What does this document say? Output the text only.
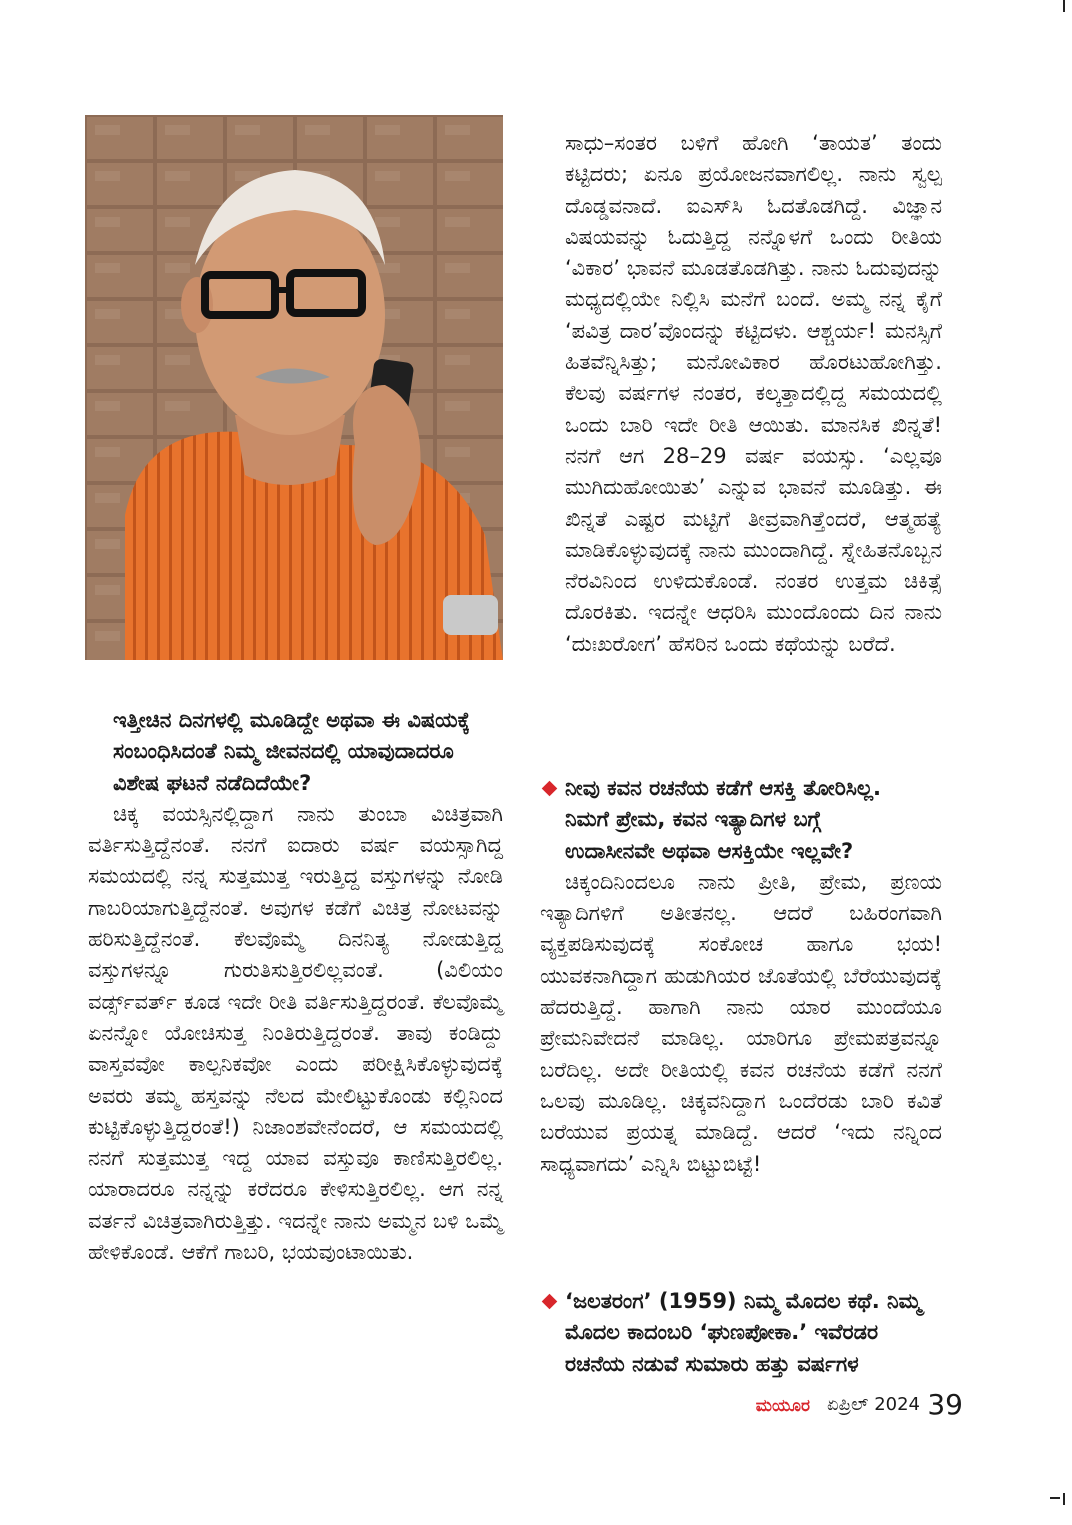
ಸಾಧು–ಸಂತರ ಬಳಿಗೆ ಹೋಗಿ ‘ತಾಯತ’ ತಂದು ಕಟ್ಟಿದರು; ಏನೂ ಪ್ರಯೋಜನವಾಗಲಿಲ್ಲ. ನಾನು ಸ್ವಲ್ಪ ದೊಡ್ಡವನಾದೆ. ಐಎಸ್‌ಸಿ ಓದತೊಡಗಿದ್ದೆ. ವಿಜ್ಞಾನ ವಿಷಯವನ್ನು ಓದುತ್ತಿದ್ದ ನನ್ನೊಳಗೆ ಒಂದು ರೀತಿಯ ‘ವಿಕಾರ’ ಭಾವನೆ ಮೂಡತೊಡಗಿತ್ತು. ನಾನು ಓದುವುದನ್ನು ಮಧ್ಯದಲ್ಲಿಯೇ ನಿಲ್ಲಿಸಿ ಮನೆಗೆ ಬಂದೆ. ಅಮ್ಮ ನನ್ನ ಕೈಗೆ ‘ಪವಿತ್ರ ದಾರ’ವೊಂದನ್ನು ಕಟ್ಟಿದಳು. ಆಶ್ಚರ್ಯ! ಮನಸ್ಸಿಗೆ ಹಿತವೆನ್ನಿಸಿತ್ತು; ಮನೋವಿಕಾರ ಹೊರಟುಹೋಗಿತ್ತು. ಕೆಲವು ವರ್ಷಗಳ ನಂತರ, ಕಲ್ಕತ್ತಾದಲ್ಲಿದ್ದ ಸಮಯದಲ್ಲಿ ಒಂದು ಬಾರಿ ಇದೇ ರೀತಿ ಆಯಿತು. ಮಾನಸಿಕ ಖಿನ್ನತೆ! ನನಗೆ ಆಗ 28–29 ವರ್ಷ ವಯಸ್ಸು. ‘ಎಲ್ಲವೂ ಮುಗಿದುಹೋಯಿತು’ ಎನ್ನುವ ಭಾವನೆ ಮೂಡಿತ್ತು. ಈ ಖಿನ್ನತೆ ಎಷ್ಟರ ಮಟ್ಟಿಗೆ ತೀವ್ರವಾಗಿತ್ತೆಂದರೆ, ಆತ್ಮಹತ್ಯೆ ಮಾಡಿಕೊಳ್ಳುವುದಕ್ಕೆ ನಾನು ಮುಂದಾಗಿದ್ದೆ. ಸ್ನೇಹಿತನೊಬ್ಬನ ನೆರವಿನಿಂದ ಉಳಿದುಕೊಂಡೆ. ನಂತರ ಉತ್ತಮ ಚಿಕಿತ್ಸೆ ದೊರಕಿತು. ಇದನ್ನೇ ಆಧರಿಸಿ ಮುಂದೊಂದು ದಿನ ನಾನು ‘ದುಃಖರೋಗ’ ಹೆಸರಿನ ಒಂದು ಕಥೆಯನ್ನು ಬರೆದೆ.

ಇತ್ತೀಚಿನ ದಿನಗಳಲ್ಲಿ ಮೂಡಿದ್ದೇ ಅಥವಾ ಈ ವಿಷಯಕ್ಕೆ ಸಂಬಂಧಿಸಿದಂತೆ ನಿಮ್ಮ ಜೀವನದಲ್ಲಿ ಯಾವುದಾದರೂ ವಿಶೇಷ ಘಟನೆ ನಡೆದಿದೆಯೇ?

ಚಿಕ್ಕ ವಯಸ್ಸಿನಲ್ಲಿದ್ದಾಗ ನಾನು ತುಂಬಾ ವಿಚಿತ್ರವಾಗಿ ವರ್ತಿಸುತ್ತಿದ್ದೆನಂತೆ. ನನಗೆ ಐದಾರು ವರ್ಷ ವಯಸ್ಸಾಗಿದ್ದ ಸಮಯದಲ್ಲಿ ನನ್ನ ಸುತ್ತಮುತ್ತ ಇರುತ್ತಿದ್ದ ವಸ್ತುಗಳನ್ನು ನೋಡಿ ಗಾಬರಿಯಾಗುತ್ತಿದ್ದೆನಂತೆ. ಅವುಗಳ ಕಡೆಗೆ ವಿಚಿತ್ರ ನೋಟವನ್ನು ಹರಿಸುತ್ತಿದ್ದೆನಂತೆ. ಕೆಲವೊಮ್ಮೆ ದಿನನಿತ್ಯ ನೋಡುತ್ತಿದ್ದ ವಸ್ತುಗಳನ್ನೂ ಗುರುತಿಸುತ್ತಿರಲಿಲ್ಲವಂತೆ. (ವಿಲಿಯಂ ವರ್ಡ್ಸ್‌ವರ್ತ್ ಕೂಡ ಇದೇ ರೀತಿ ವರ್ತಿಸುತ್ತಿದ್ದರಂತೆ. ಕೆಲವೊಮ್ಮೆ ಏನನ್ನೋ ಯೋಚಿಸುತ್ತ ನಿಂತಿರುತ್ತಿದ್ದರಂತೆ. ತಾವು ಕಂಡಿದ್ದು ವಾಸ್ತವವೋ ಕಾಲ್ಪನಿಕವೋ ಎಂದು ಪರೀಕ್ಷಿಸಿಕೊಳ್ಳುವುದಕ್ಕೆ ಅವರು ತಮ್ಮ ಹಸ್ತವನ್ನು ನೆಲದ ಮೇಲಿಟ್ಟುಕೊಂಡು ಕಲ್ಲಿನಿಂದ ಕುಟ್ಟಿಕೊಳ್ಳುತ್ತಿದ್ದರಂತೆ!) ನಿಜಾಂಶವೇನೆಂದರೆ, ಆ ಸಮಯದಲ್ಲಿ ನನಗೆ ಸುತ್ತಮುತ್ತ ಇದ್ದ ಯಾವ ವಸ್ತುವೂ ಕಾಣಿಸುತ್ತಿರಲಿಲ್ಲ. ಯಾರಾದರೂ ನನ್ನನ್ನು ಕರೆದರೂ ಕೇಳಿಸುತ್ತಿರಲಿಲ್ಲ. ಆಗ ನನ್ನ ವರ್ತನೆ ವಿಚಿತ್ರವಾಗಿರುತ್ತಿತ್ತು. ಇದನ್ನೇ ನಾನು ಅಮ್ಮನ ಬಳಿ ಒಮ್ಮೆ ಹೇಳಿಕೊಂಡೆ. ಆಕೆಗೆ ಗಾಬರಿ, ಭಯವುಂಟಾಯಿತು.

ನೀವು ಕವನ ರಚನೆಯ ಕಡೆಗೆ ಆಸಕ್ತಿ ತೋರಿಸಿಲ್ಲ.
ನಿಮಗೆ ಪ್ರೇಮ, ಕವನ ಇತ್ಯಾದಿಗಳ ಬಗ್ಗೆ
ಉದಾಸೀನವೇ ಅಥವಾ ಆಸಕ್ತಿಯೇ ಇಲ್ಲವೇ?

ಚಿಕ್ಕಂದಿನಿಂದಲೂ ನಾನು ಪ್ರೀತಿ, ಪ್ರೇಮ, ಪ್ರಣಯ ಇತ್ಯಾದಿಗಳಿಗೆ ಅತೀತನಲ್ಲ. ಆದರೆ ಬಹಿರಂಗವಾಗಿ ವ್ಯಕ್ತಪಡಿಸುವುದಕ್ಕೆ ಸಂಕೋಚ ಹಾಗೂ ಭಯ! ಯುವಕನಾಗಿದ್ದಾಗ ಹುಡುಗಿಯರ ಜೊತೆಯಲ್ಲಿ ಬೆರೆಯುವುದಕ್ಕೆ ಹೆದರುತ್ತಿದ್ದೆ. ಹಾಗಾಗಿ ನಾನು ಯಾರ ಮುಂದೆಯೂ ಪ್ರೇಮನಿವೇದನೆ ಮಾಡಿಲ್ಲ. ಯಾರಿಗೂ ಪ್ರೇಮಪತ್ರವನ್ನೂ ಬರೆದಿಲ್ಲ. ಅದೇ ರೀತಿಯಲ್ಲಿ ಕವನ ರಚನೆಯ ಕಡೆಗೆ ನನಗೆ ಒಲವು ಮೂಡಿಲ್ಲ. ಚಿಕ್ಕವನಿದ್ದಾಗ ಒಂದೆರಡು ಬಾರಿ ಕವಿತೆ ಬರೆಯುವ ಪ್ರಯತ್ನ ಮಾಡಿದ್ದೆ. ಆದರೆ ‘ಇದು ನನ್ನಿಂದ ಸಾಧ್ಯವಾಗದು’ ಎನ್ನಿಸಿ ಬಿಟ್ಟುಬಿಟ್ಟೆ!

‘ಜಲತರಂಗ’ (1959) ನಿಮ್ಮ ಮೊದಲ ಕಥೆ. ನಿಮ್ಮ
ಮೊದಲ ಕಾದಂಬರಿ ‘ಘುಣಪೋಕಾ.’ ಇವೆರಡರ
ರಚನೆಯ ನಡುವೆ ಸುಮಾರು ಹತ್ತು ವರ್ಷಗಳ
ಮಯೂರ ಏಪ್ರಿಲ್ 2024 39
